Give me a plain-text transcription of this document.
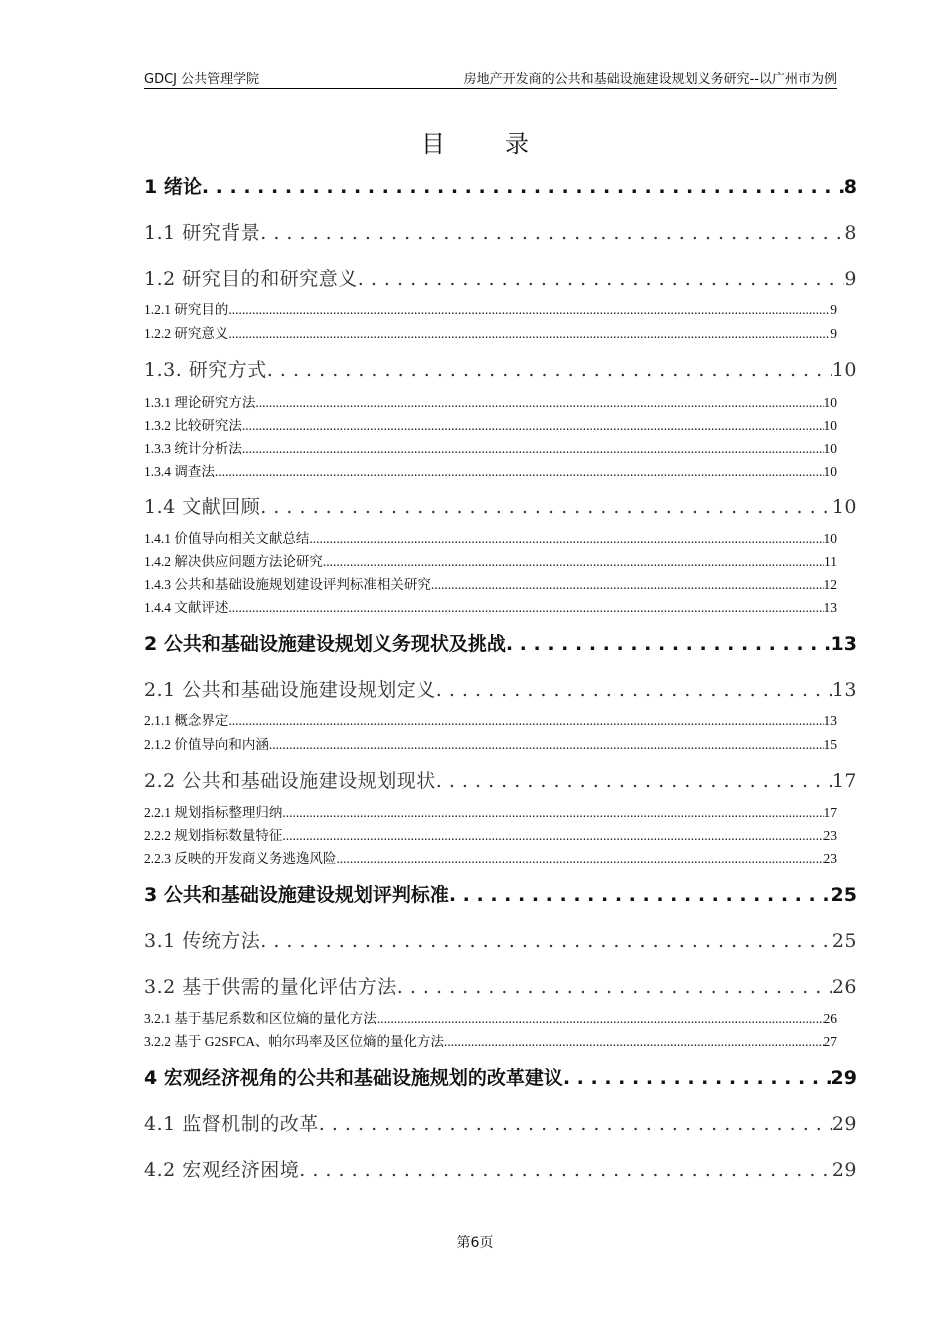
GDCJ 公共管理学院	房地产开发商的公共和基础设施建设规划义务研究--以广州市为例
目录
1 绪论 . . .	8
1.1 研究背景 . . .	8
1.2 研究目的和研究意义 . . .	9
1.2.1 研究目的 .....	9
1.2.2 研究意义 .....	9
1.3. 研究方式 . . .	10
1.3.1 理论研究方法 .....	10
1.3.2 比较研究法 .....	10
1.3.3 统计分析法 .....	10
1.3.4 调查法 .....	10
1.4 文献回顾 . . .	10
1.4.1 价值导向相关文献总结 .....	10
1.4.2 解决供应问题方法论研究 .....	11
1.4.3 公共和基础设施规划建设评判标准相关研究 .....	12
1.4.4 文献评述 .....	13
2 公共和基础设施建设规划义务现状及挑战 . . .	13
2.1 公共和基础设施建设规划定义 . . .	13
2.1.1 概念界定 .....	13
2.1.2 价值导向和内涵 .....	15
2.2 公共和基础设施建设规划现状 . . .	17
2.2.1 规划指标整理归纳 .....	17
2.2.2 规划指标数量特征 .....	23
2.2.3 反映的开发商义务逃逸风险 .....	23
3 公共和基础设施建设规划评判标准 . . .	25
3.1 传统方法 . . .	25
3.2 基于供需的量化评估方法 . . .	26
3.2.1 基于基尼系数和区位熵的量化方法 .....	26
3.2.2 基于 G2SFCA、帕尔玛率及区位熵的量化方法 .....	27
4 宏观经济视角的公共和基础设施规划的改革建议 . . .	29
4.1 监督机制的改革 . . .	29
4.2 宏观经济困境 . . .	29
第6页
